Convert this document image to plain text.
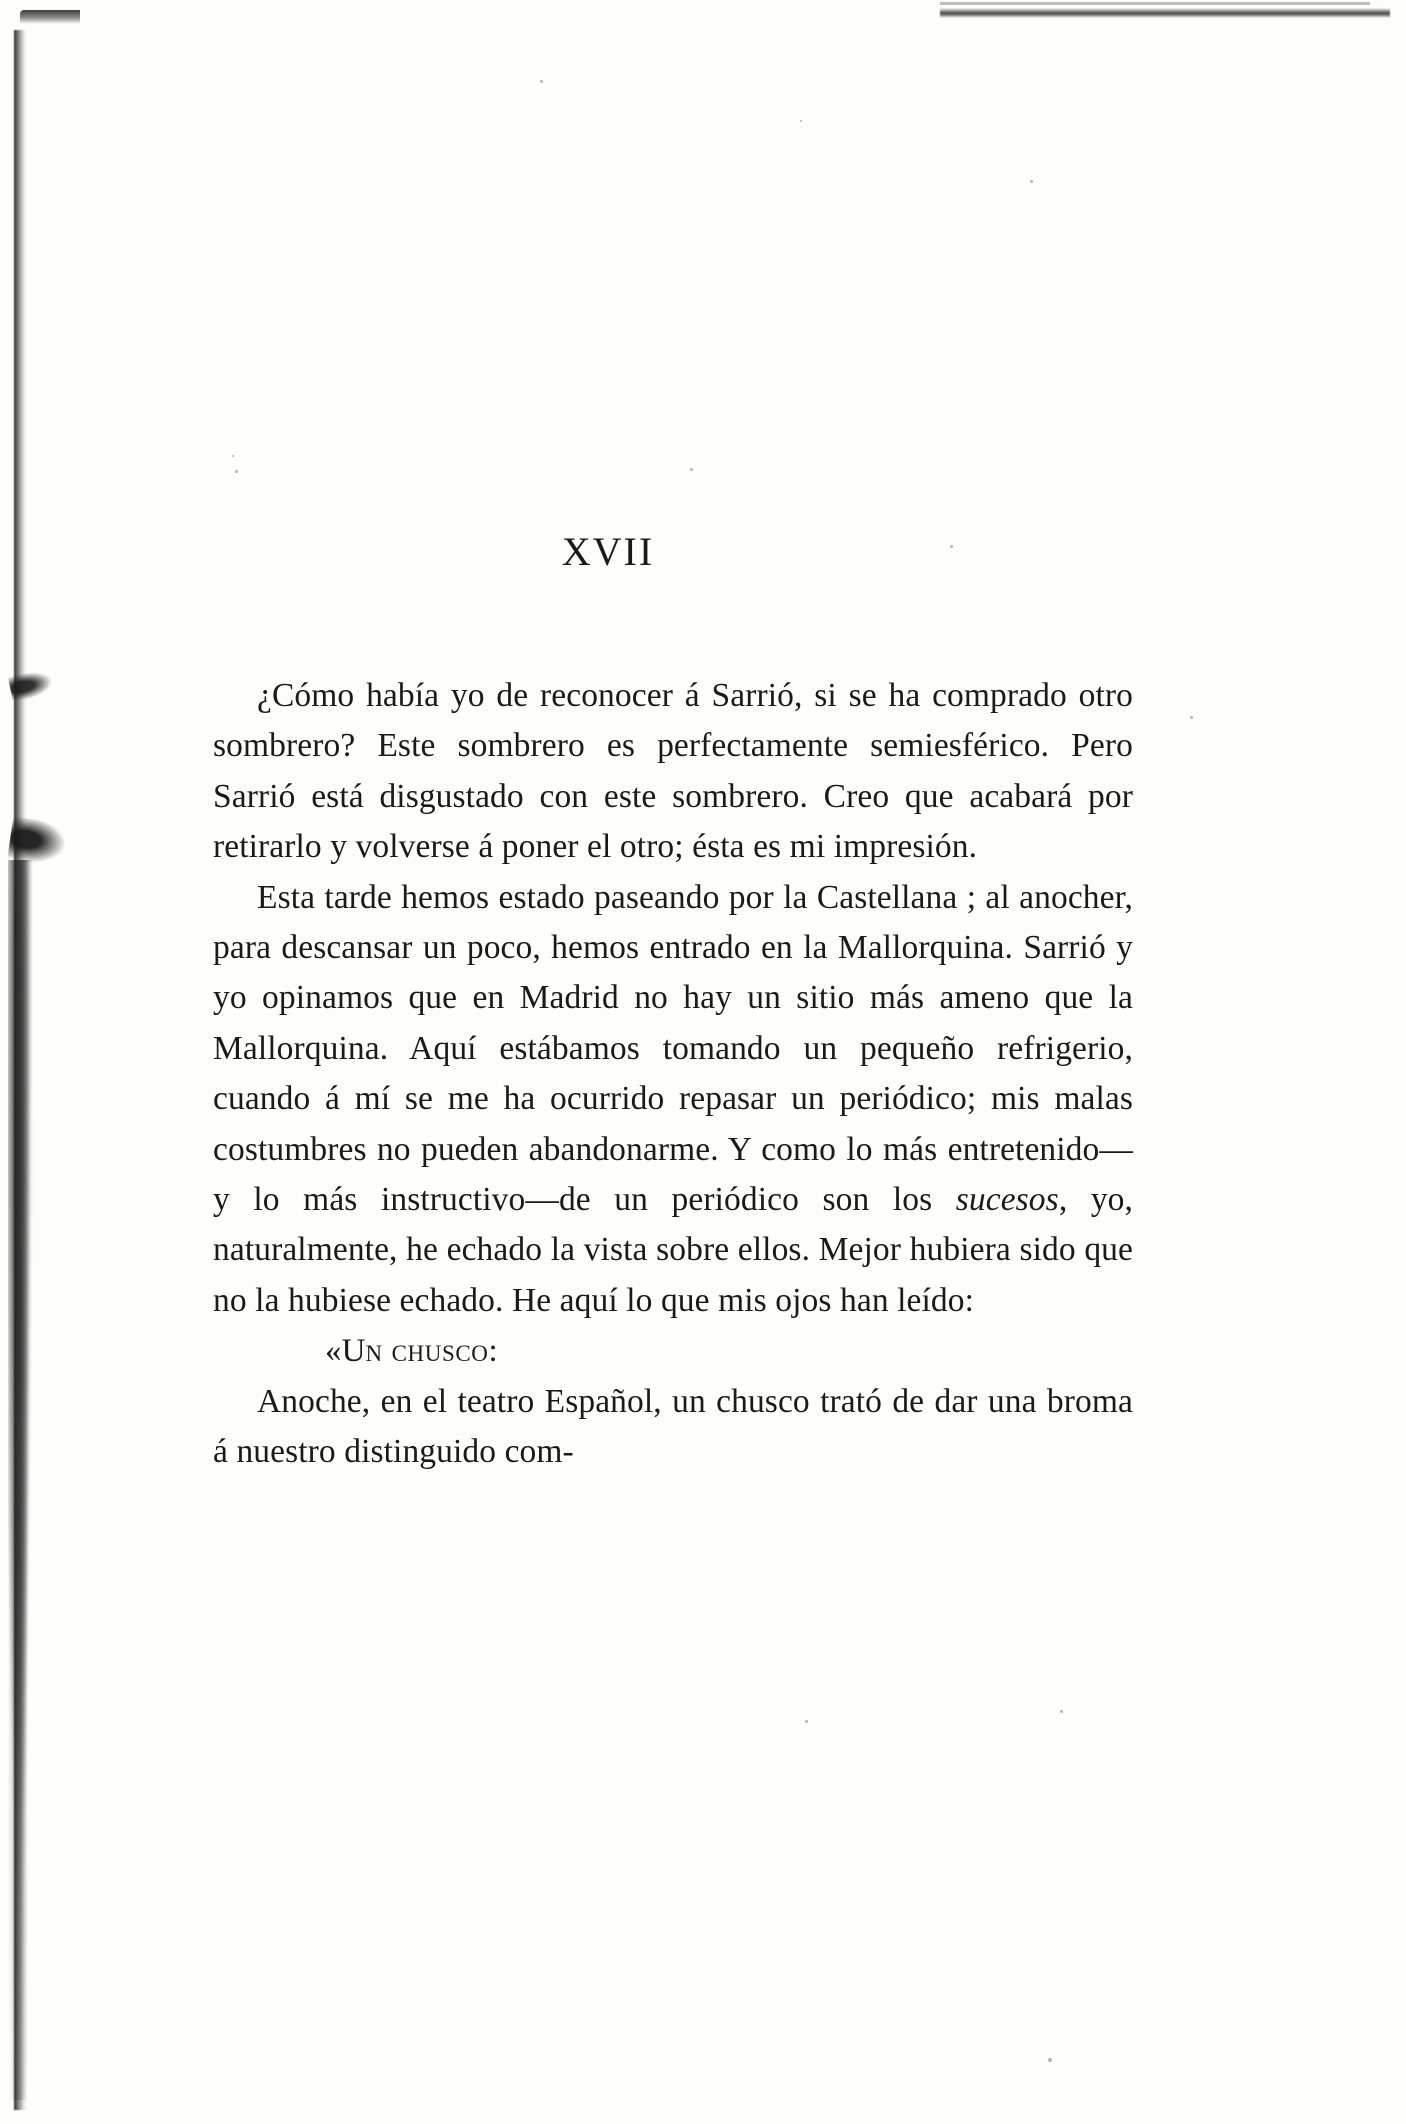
XVII

¿Cómo había yo de reconocer á Sarrió, si se ha comprado otro sombrero? Este sombrero es perfectamente semiesférico. Pero Sarrió está disgustado con este sombrero. Creo que acabará por retirarlo y volverse á poner el otro; ésta es mi impresión.

Esta tarde hemos estado paseando por la Castellana ; al anocher, para descansar un poco, hemos entrado en la Mallorquina. Sarrió y yo opinamos que en Madrid no hay un sitio más ameno que la Mallorquina. Aquí estábamos tomando un pequeño refrigerio, cuando á mí se me ha ocurrido repasar un periódico; mis malas costumbres no pueden abandonarme. Y como lo más entretenido—y lo más instructivo—de un periódico son los sucesos, yo, naturalmente, he echado la vista sobre ellos. Mejor hubiera sido que no la hubiese echado. He aquí lo que mis ojos han leído:

«Un chusco:

Anoche, en el teatro Español, un chusco trató de dar una broma á nuestro distinguido com-
